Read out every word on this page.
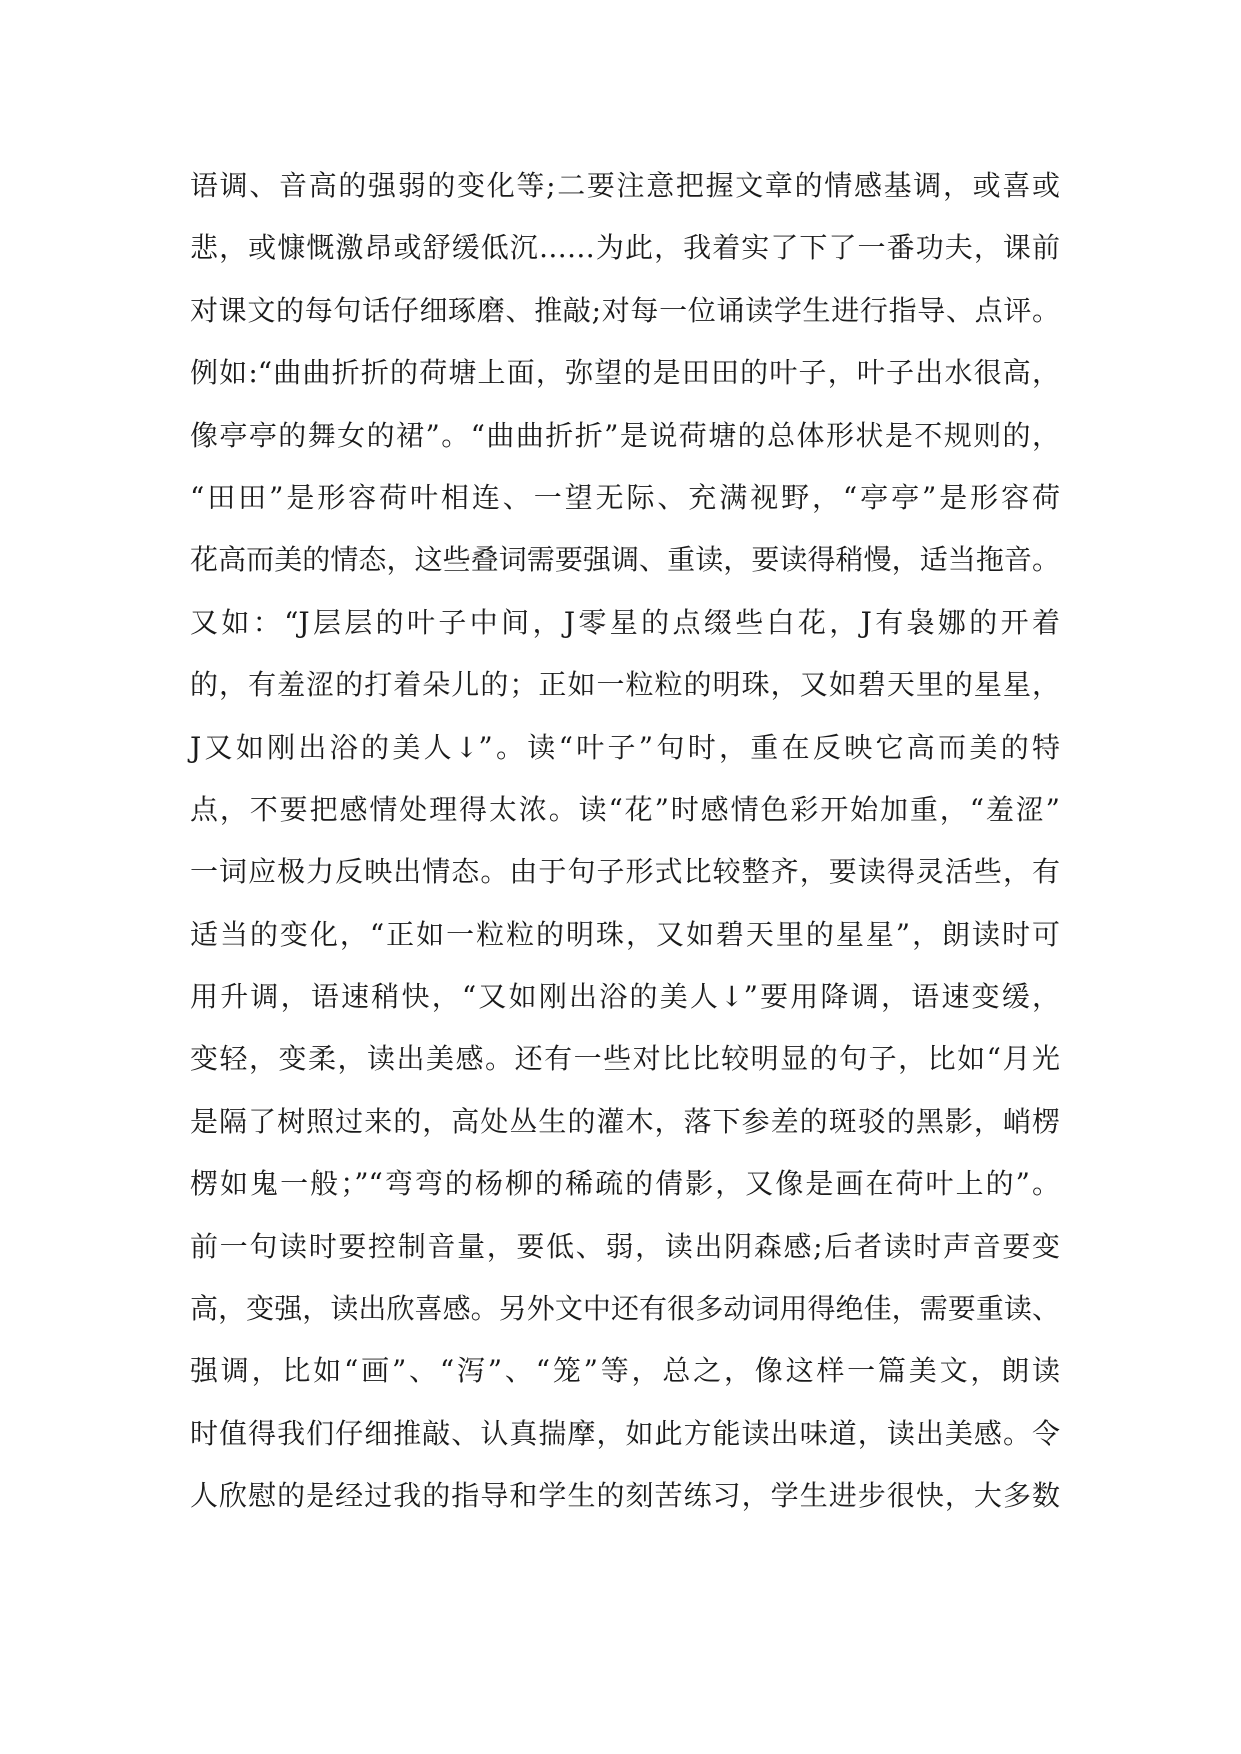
语调、音高的强弱的变化等;二要注意把握文章的情感基调，或喜或
悲，或慷慨激昂或舒缓低沉……为此，我着实了下了一番功夫，课前
对课文的每句话仔细琢磨、推敲;对每一位诵读学生进行指导、点评。
例如:“曲曲折折的荷塘上面，弥望的是田田的叶子，叶子出水很高，
像亭亭的舞女的裙”。“曲曲折折”是说荷塘的总体形状是不规则的，
“田田”是形容荷叶相连、一望无际、充满视野，“亭亭”是形容荷
花高而美的情态，这些叠词需要强调、重读，要读得稍慢，适当拖音。
又如：“J层层的叶子中间，J零星的点缀些白花，J有袅娜的开着
的，有羞涩的打着朵儿的；正如一粒粒的明珠，又如碧天里的星星，
J又如刚出浴的美人↓”。读“叶子”句时，重在反映它高而美的特
点，不要把感情处理得太浓。读“花”时感情色彩开始加重，“羞涩”
一词应极力反映出情态。由于句子形式比较整齐，要读得灵活些，有
适当的变化，“正如一粒粒的明珠，又如碧天里的星星”，朗读时可
用升调，语速稍快，“又如刚出浴的美人↓”要用降调，语速变缓，
变轻，变柔，读出美感。还有一些对比比较明显的句子，比如“月光
是隔了树照过来的，高处丛生的灌木，落下参差的斑驳的黑影，峭楞
楞如鬼一般；”“弯弯的杨柳的稀疏的倩影，又像是画在荷叶上的”。
前一句读时要控制音量，要低、弱，读出阴森感;后者读时声音要变
高，变强，读出欣喜感。另外文中还有很多动词用得绝佳，需要重读、
强调，比如“画”、“泻”、“笼”等，总之，像这样一篇美文，朗读
时值得我们仔细推敲、认真揣摩，如此方能读出味道，读出美感。令
人欣慰的是经过我的指导和学生的刻苦练习，学生进步很快，大多数
